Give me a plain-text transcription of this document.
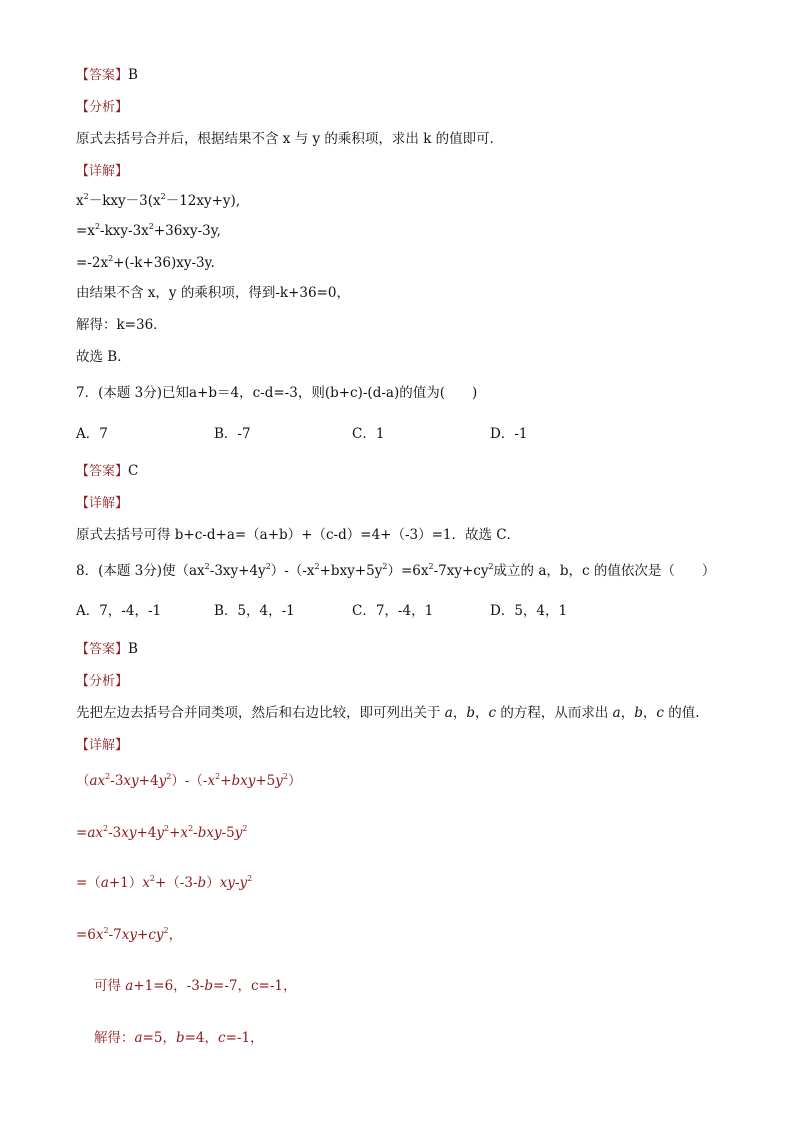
【答案】B
【分析】
原式去括号合并后，根据结果不含 x 与 y 的乘积项，求出 k 的值即可．
【详解】
$x^2-kxy-3(x^2-12xy+y)$,
$=x^2-kxy-3x^2+36xy-3y$,
$=-2x^2+(-k+36)xy-3y$.
由结果不含 x，y 的乘积项，得到-k+36=0，
解得：k=36．
故选 B．
7．(本题 3分)已知a+b＝4，c-d=-3，则(b+c)-(d-a)的值为(　　)
A．7	B．-7	C．1	D．-1
【答案】C
【详解】
原式去括号可得 b+c-d+a=（a+b）+（c-d）=4+（-3）=1．故选 C．
8．(本题 3分)使$(ax^2-3xy+4y^2)-(-x^2+bxy+5y^2)=6x^2-7xy+cy^2$成立的 a，b，c 的值依次是（　　）
A．7，-4，-1	B．5，4，-1	C．7，-4，1	D．5，4，1
【答案】B
【分析】
先把左边去括号合并同类项，然后和右边比较，即可列出关于 a，b，c 的方程，从而求出 a，b，c 的值.
【详解】
$(ax^2-3xy+4y^2)-(-x^2+bxy+5y^2)$
$=ax^2-3xy+4y^2+x^2-bxy-5y^2$
$=(a+1)x^2+(-3-b)xy-y^2$
$=6x^2-7xy+cy^2$，
可得 a+1=6，-3-b=-7，c=-1，
解得：a=5，b=4，c=-1，
